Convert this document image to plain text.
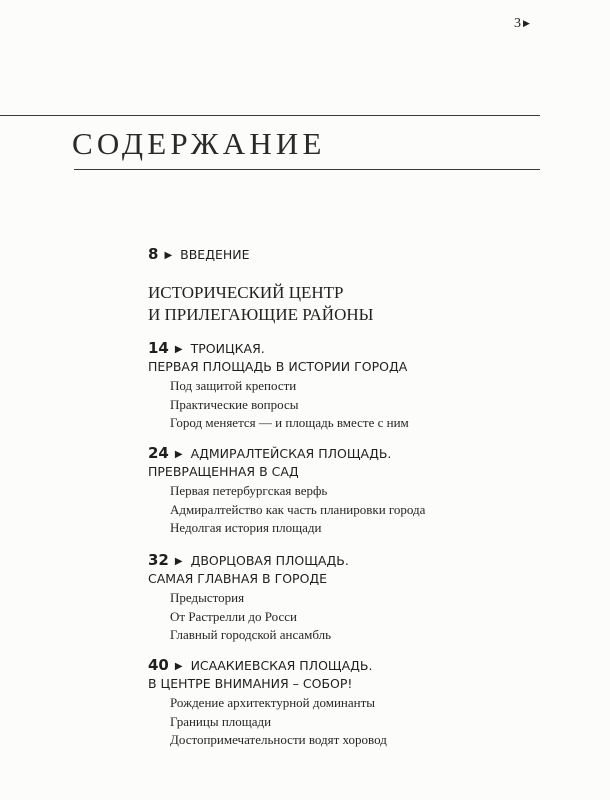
3 ▶
СОДЕРЖАНИЕ
8 ▶ ВВЕДЕНИЕ
ИСТОРИЧЕСКИЙ ЦЕНТР
И ПРИЛЕГАЮЩИЕ РАЙОНЫ
14 ▶ ТРОИЦКАЯ.
ПЕРВАЯ ПЛОЩАДЬ В ИСТОРИИ ГОРОДА
Под защитой крепости
Практические вопросы
Город меняется — и площадь вместе с ним
24 ▶ АДМИРАЛТЕЙСКАЯ ПЛОЩАДЬ.
ПРЕВРАЩЕННАЯ В САД
Первая петербургская верфь
Адмиралтейство как часть планировки города
Недолгая история площади
32 ▶ ДВОРЦОВАЯ ПЛОЩАДЬ.
САМАЯ ГЛАВНАЯ В ГОРОДЕ
Предыстория
От Растрелли до Росси
Главный городской ансамбль
40 ▶ ИСААКИЕВСКАЯ ПЛОЩАДЬ.
В ЦЕНТРЕ ВНИМАНИЯ – СОБОР!
Рождение архитектурной доминанты
Границы площади
Достопримечательности водят хоровод
